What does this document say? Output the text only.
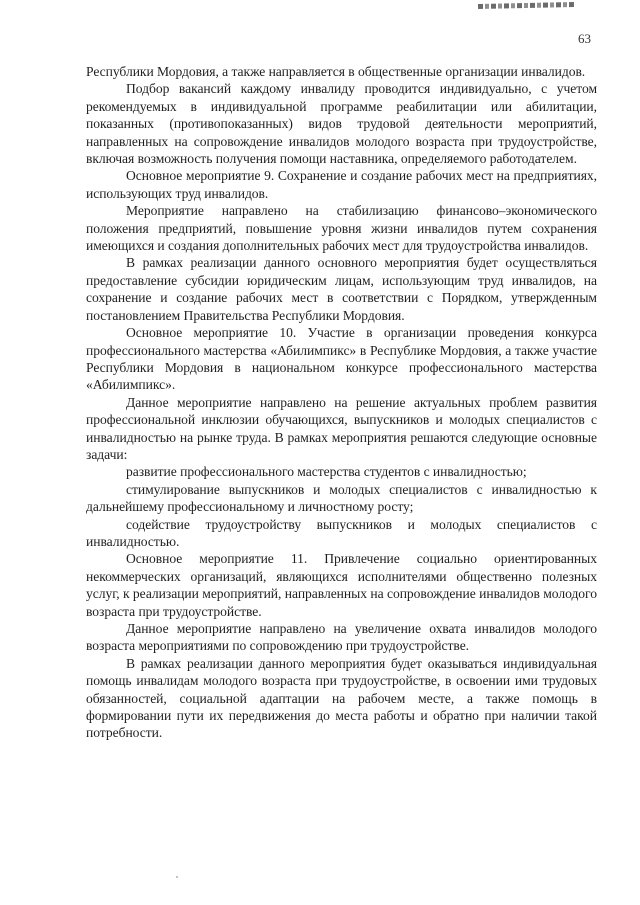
63

Республики Мордовия, а также направляется в общественные организации инвалидов.

Подбор вакансий каждому инвалиду проводится индивидуально, с учетом рекомендуемых в индивидуальной программе реабилитации или абилитации, показанных (противопоказанных) видов трудовой деятельности мероприятий, направленных на сопровождение инвалидов молодого возраста при трудоустройстве, включая возможность получения помощи наставника, определяемого работодателем.

Основное мероприятие 9. Сохранение и создание рабочих мест на предприятиях, использующих труд инвалидов.

Мероприятие направлено на стабилизацию финансово–экономического положения предприятий, повышение уровня жизни инвалидов путем сохранения имеющихся и создания дополнительных рабочих мест для трудоустройства инвалидов.

В рамках реализации данного основного мероприятия будет осуществляться предоставление субсидии юридическим лицам, использующим труд инвалидов, на сохранение и создание рабочих мест в соответствии с Порядком, утвержденным постановлением Правительства Республики Мордовия.

Основное мероприятие 10. Участие в организации проведения конкурса профессионального мастерства «Абилимпикс» в Республике Мордовия, а также участие Республики Мордовия в национальном конкурсе профессионального мастерства «Абилимпикс».

Данное мероприятие направлено на решение актуальных проблем развития профессиональной инклюзии обучающихся, выпускников и молодых специалистов с инвалидностью на рынке труда. В рамках мероприятия решаются следующие основные задачи:

развитие профессионального мастерства студентов с инвалидностью;

стимулирование выпускников и молодых специалистов с инвалидностью к дальнейшему профессиональному и личностному росту;

содействие трудоустройству выпускников и молодых специалистов с инвалидностью.

Основное мероприятие 11. Привлечение социально ориентированных некоммерческих организаций, являющихся исполнителями общественно полезных услуг, к реализации мероприятий, направленных на сопровождение инвалидов молодого возраста при трудоустройстве.

Данное мероприятие направлено на увеличение охвата инвалидов молодого возраста мероприятиями по сопровождению при трудоустройстве.

В рамках реализации данного мероприятия будет оказываться индивидуальная помощь инвалидам молодого возраста при трудоустройстве, в освоении ими трудовых обязанностей, социальной адаптации на рабочем месте, а также помощь в формировании пути их передвижения до места работы и обратно при наличии такой потребности.
